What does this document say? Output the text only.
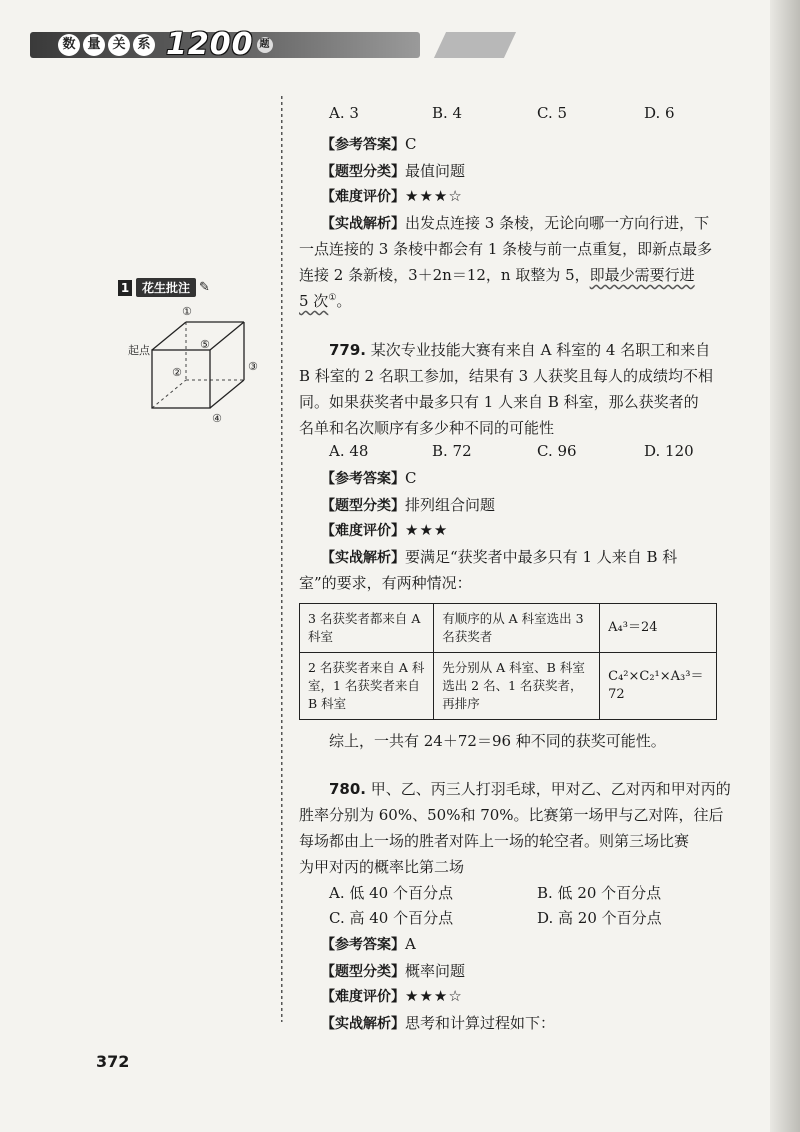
数 量 关 系 1200 题
1	花生批注 ✎
起点
①
②	③
④
⑤
A. 3	B. 4	C. 5	D. 6
【参考答案】C
【题型分类】最值问题
【难度评价】★★★☆
【实战解析】出发点连接 3 条棱，无论向哪一方向行进，下
一点连接的 3 条棱中都会有 1 条棱与前一点重复，即新点最多
连接 2 条新棱，3＋2n＝12，n 取整为 5，即最少需要行进
5 次①。
779. 某次专业技能大赛有来自 A 科室的 4 名职工和来自
B 科室的 2 名职工参加，结果有 3 人获奖且每人的成绩均不相
同。如果获奖者中最多只有 1 人来自 B 科室，那么获奖者的
名单和名次顺序有多少种不同的可能性
A. 48	B. 72	C. 96	D. 120
【参考答案】C
【题型分类】排列组合问题
【难度评价】★★★
【实战解析】要满足“获奖者中最多只有 1 人来自 B 科
室”的要求，有两种情况：
3 名获奖者都来自 A 科室	有顺序的从 A 科室选出 3 名获奖者	A₄³＝24
2 名获奖者来自 A 科室，1 名获奖者来自 B 科室	先分别从 A 科室、B 科室选出 2 名、1 名获奖者，再排序	C₄²×C₂¹×A₃³＝72
综上，一共有 24＋72＝96 种不同的获奖可能性。
780. 甲、乙、丙三人打羽毛球，甲对乙、乙对丙和甲对丙的
胜率分别为 60%、50%和 70%。比赛第一场甲与乙对阵，往后
每场都由上一场的胜者对阵上一场的轮空者。则第三场比赛
为甲对丙的概率比第二场
A. 低 40 个百分点	B. 低 20 个百分点
C. 高 40 个百分点	D. 高 20 个百分点
【参考答案】A
【题型分类】概率问题
【难度评价】★★★☆
【实战解析】思考和计算过程如下：
372
